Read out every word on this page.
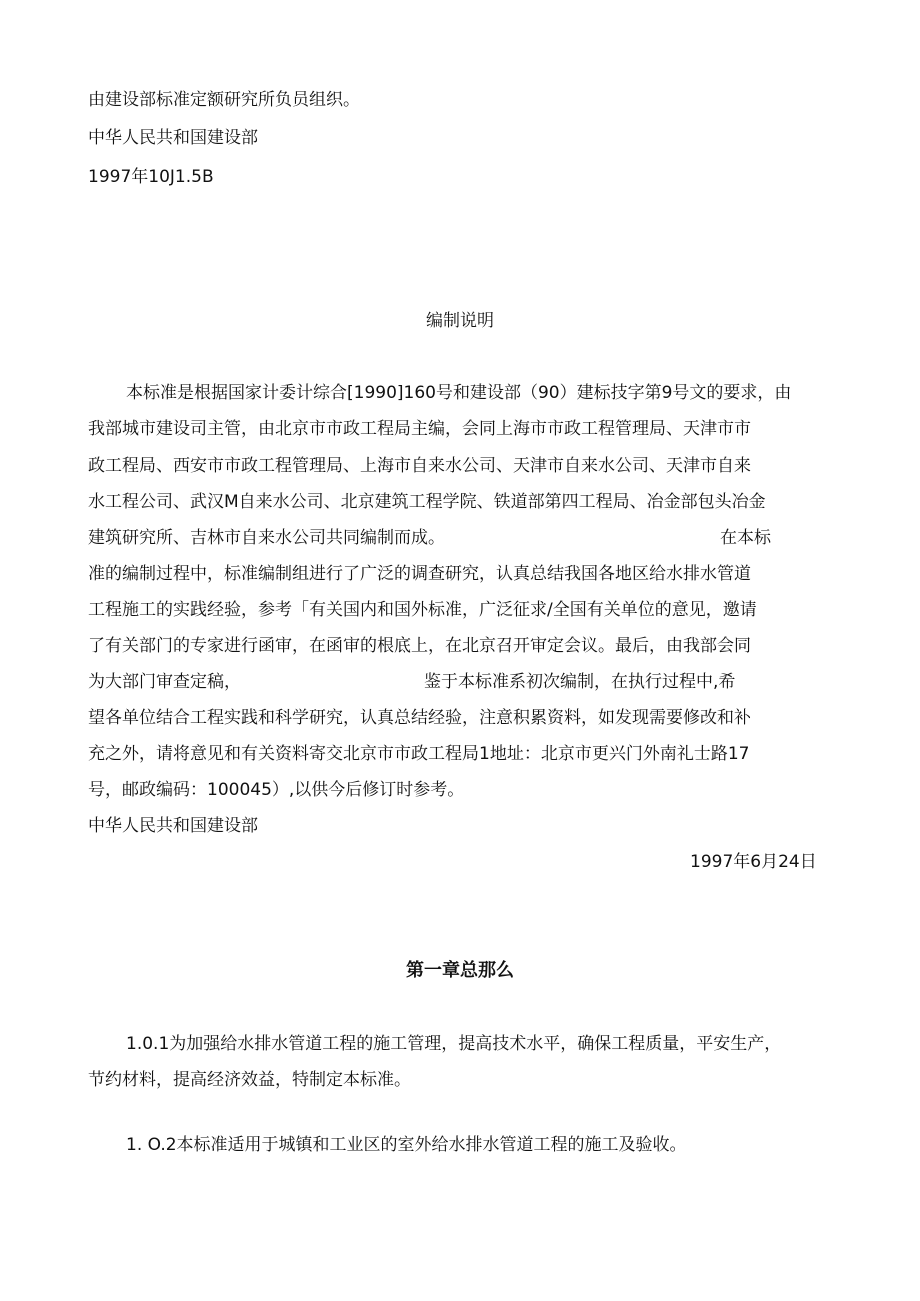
由建设部标准定额研究所负员组织。

中华人民共和国建设部

1997年10J1.5B

编制说明

本标准是根据国家计委计综合[1990]160号和建设部（90）建标技字第9号文的要求，由

我部城市建设司主管，由北京市市政工程局主编，会同上海市市政工程管理局、天津市市

政工程局、西安市市政工程管理局、上海市自来水公司、天津市自来水公司、天津市自来

水工程公司、武汉M自来水公司、北京建筑工程学院、铁道部第四工程局、冶金部包头冶金

建筑研究所、吉林市自来水公司共同编制而成。	在本标

准的编制过程中，标准编制组进行了广泛的调查研究，认真总结我国各地区给水排水管道

工程施工的实践经验，参考「有关国内和国外标准，广泛征求/全国有关单位的意见，邀请

了有关部门的专家进行函审，在函审的根底上，在北京召开审定会议。最后，由我部会同

为大部门审查定稿，	鉴于本标准系初次编制，在执行过程中,希

望各单位结合工程实践和科学研究，认真总结经验，注意积累资料，如发现需要修改和补

充之外，请将意见和有关资料寄交北京市市政工程局1地址：北京市更兴门外南礼士路17

号，邮政编码：100045）,以供今后修订时参考。

中华人民共和国建设部

1997年6月24日

第一章总那么

1.0.1为加强给水排水管道工程的施工管理，提高技术水平，确保工程质量，平安生产，

节约材料，提高经济效益，特制定本标准。

1. O.2本标准适用于城镇和工业区的室外给水排水管道工程的施工及验收。
